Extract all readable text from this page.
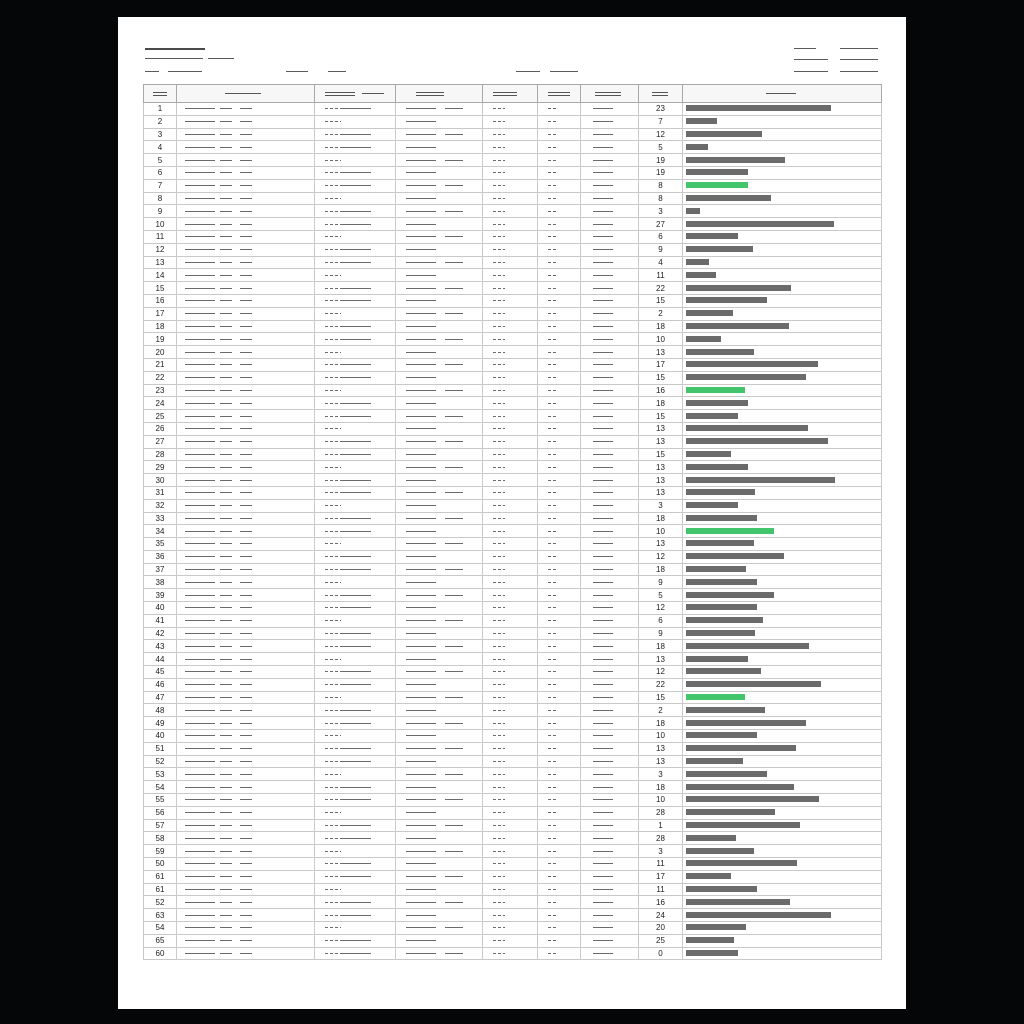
1							23	

2							7	

3							12	

4							5	

5							19	

6							19	

7							8	

8							8	

9							3	

10							27	

11							6	

12							9	

13							4	

14							11	

15							22	

16							15	

17							2	

18							18	

19							10	

20							13	

21							17	

22							15	

23							16	

24							18	

25							15	

26							13	

27							13	

28							15	

29							13	

30							13	

31							13	

32							3	

33							18	

34							10	

35							13	

36							12	

37							18	

38							9	

39							5	

40							12	

41							6	

42							9	

43							18	

44							13	

45							12	

46							22	

47							15	

48							2	

49							18	

40							10	

51							13	

52							13	

53							3	

54							18	

55							10	

56							28	

57							1	

58							28	

59							3	

50							11	

61							17	

61							11	

52							16	

63							24	

54							20	

65							25	

60							0	
